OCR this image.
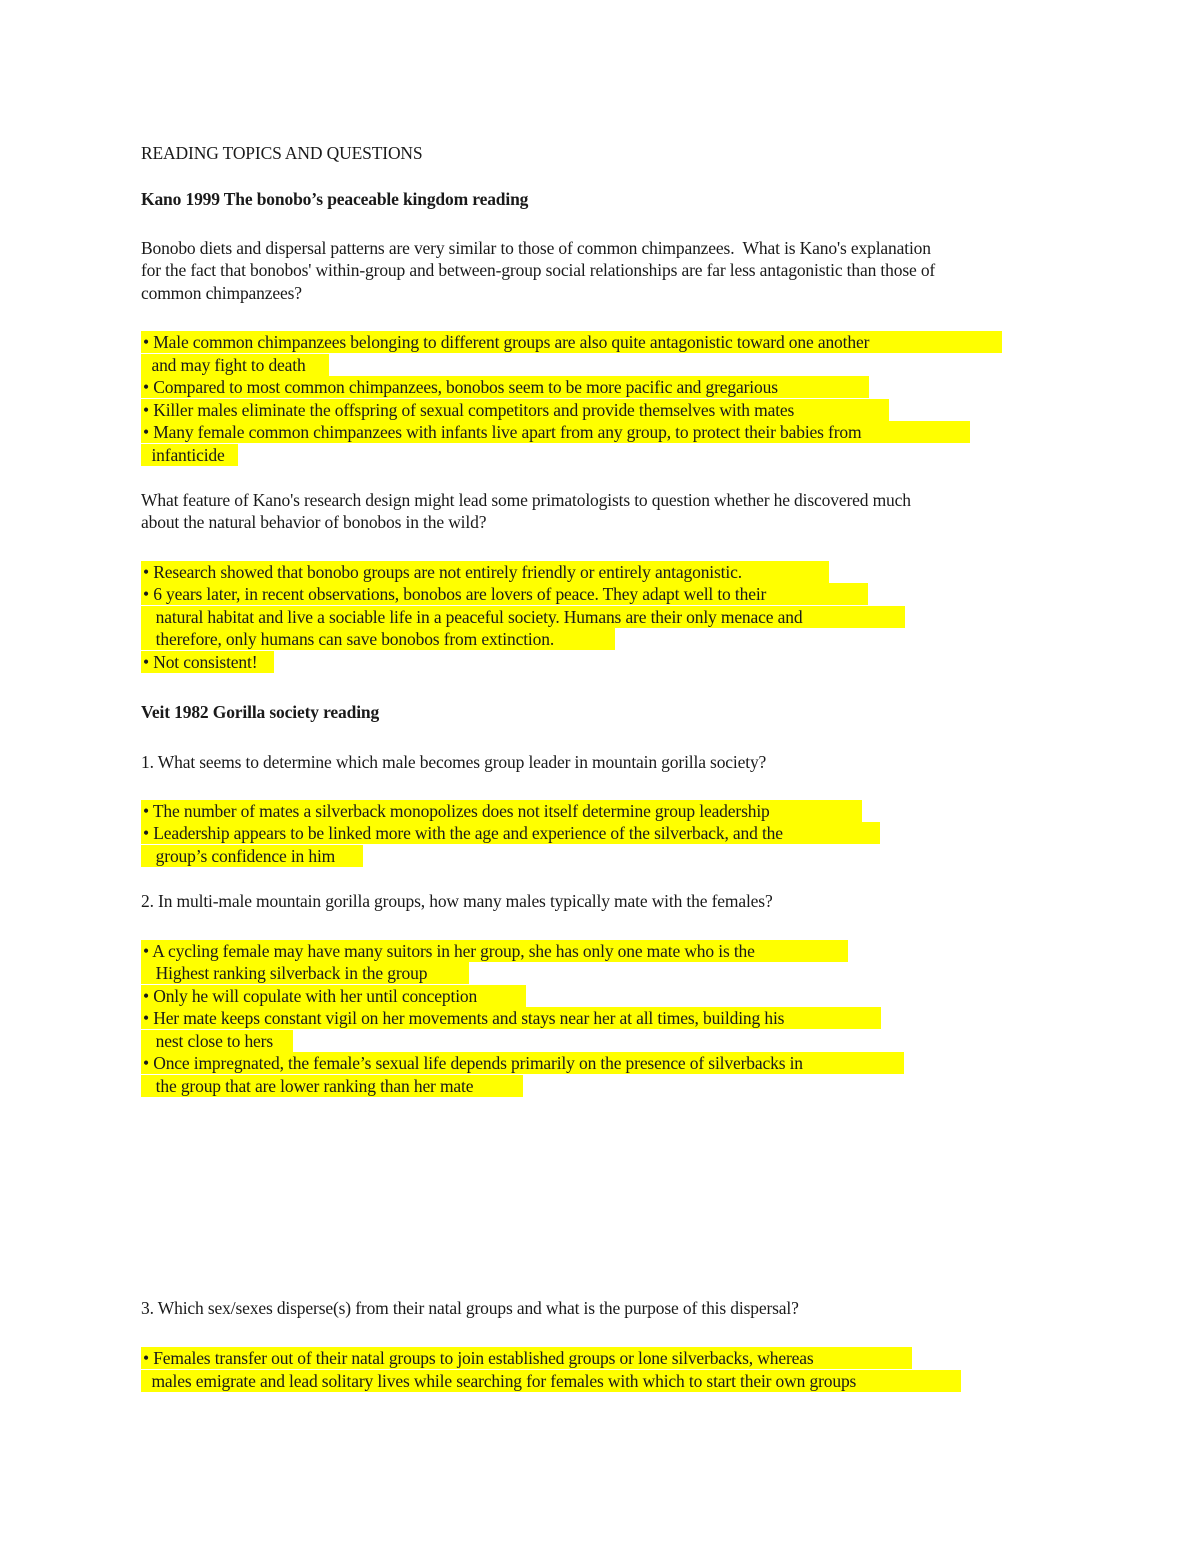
READING TOPICS AND QUESTIONS
Kano 1999 The bonobo’s peaceable kingdom reading
Bonobo diets and dispersal patterns are very similar to those of common chimpanzees.  What is Kano's explanation
for the fact that bonobos' within-group and between-group social relationships are far less antagonistic than those of
common chimpanzees?
• Male common chimpanzees belonging to different groups are also quite antagonistic toward one another
and may fight to death
• Compared to most common chimpanzees, bonobos seem to be more pacific and gregarious
• Killer males eliminate the offspring of sexual competitors and provide themselves with mates
• Many female common chimpanzees with infants live apart from any group, to protect their babies from
infanticide
What feature of Kano's research design might lead some primatologists to question whether he discovered much
about the natural behavior of bonobos in the wild?
• Research showed that bonobo groups are not entirely friendly or entirely antagonistic.
• 6 years later, in recent observations, bonobos are lovers of peace. They adapt well to their
natural habitat and live a sociable life in a peaceful society. Humans are their only menace and
therefore, only humans can save bonobos from extinction.
• Not consistent!
Veit 1982 Gorilla society reading
1. What seems to determine which male becomes group leader in mountain gorilla society?
• The number of mates a silverback monopolizes does not itself determine group leadership
• Leadership appears to be linked more with the age and experience of the silverback, and the
group’s confidence in him
2. In multi-male mountain gorilla groups, how many males typically mate with the females?
• A cycling female may have many suitors in her group, she has only one mate who is the
Highest ranking silverback in the group
• Only he will copulate with her until conception
• Her mate keeps constant vigil on her movements and stays near her at all times, building his
nest close to hers
• Once impregnated, the female’s sexual life depends primarily on the presence of silverbacks in
the group that are lower ranking than her mate
3. Which sex/sexes disperse(s) from their natal groups and what is the purpose of this dispersal?
• Females transfer out of their natal groups to join established groups or lone silverbacks, whereas
males emigrate and lead solitary lives while searching for females with which to start their own groups
